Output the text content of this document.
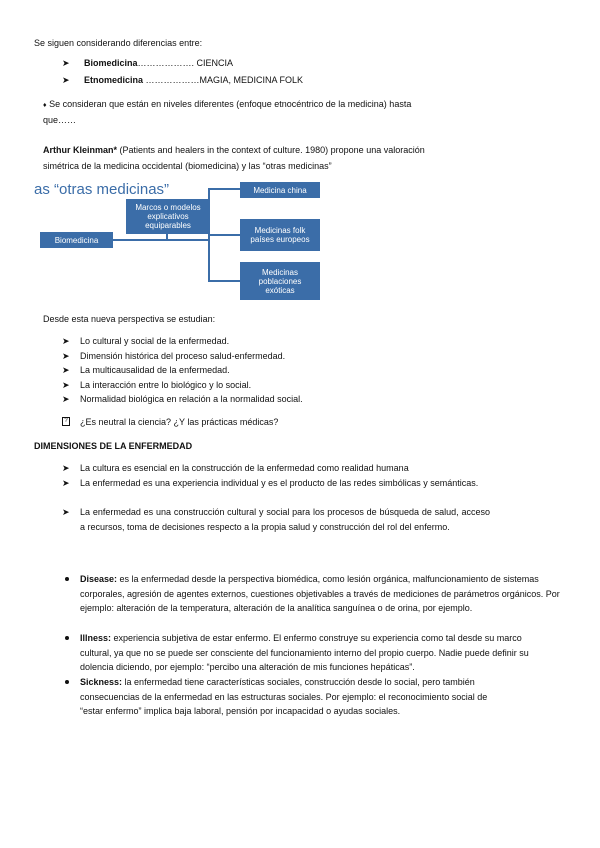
Se siguen considerando diferencias entre:
➤ Biomedicina………………. CIENCIA
➤ Etnomedicina ………………MAGIA, MEDICINA FOLK
♦ Se consideran que están en niveles diferentes (enfoque etnocéntrico de la medicina) hasta
que……
Arthur Kleinman* (Patients and healers in the context of culture. 1980) propone una valoración
simétrica de la medicina occidental (biomedicina) y las “otras medicinas”
as “otras medicinas”
Biomedicina
Marcos o modelos explicativos equiparables
Medicina china
Medicinas folk países europeos
Medicinas poblaciones exóticas
Desde esta nueva perspectiva se estudian:
➤ Lo cultural y social de la enfermedad.
➤ Dimensión histórica del proceso salud-enfermedad.
➤ La multicausalidad de la enfermedad.
➤ La interacción entre lo biológico y lo social.
➤ Normalidad biológica en relación a la normalidad social.
? ¿Es neutral la ciencia? ¿Y las prácticas médicas?
DIMENSIONES DE LA ENFERMEDAD
➤ La cultura es esencial en la construcción de la enfermedad como realidad humana
➤ La enfermedad es una experiencia individual y es el producto de las redes simbólicas y semánticas.
➤ La enfermedad es una construcción cultural y social para los procesos de búsqueda de salud, acceso a recursos, toma de decisiones respecto a la propia salud y construcción del rol del enfermo.
Disease: es la enfermedad desde la perspectiva biomédica, como lesión orgánica, malfuncionamiento de sistemas corporales, agresión de agentes externos, cuestiones objetivables a través de mediciones de parámetros orgánicos. Por ejemplo: alteración de la temperatura, alteración de la analítica sanguínea o de orina, por ejemplo.
Illness: experiencia subjetiva de estar enfermo. El enfermo construye su experiencia como tal desde su marco cultural, ya que no se puede ser consciente del funcionamiento interno del propio cuerpo. Nadie puede definir su dolencia diciendo, por ejemplo: “percibo una alteración de mis funciones hepáticas”.
Sickness: la enfermedad tiene características sociales, construcción desde lo social, pero también consecuencias de la enfermedad en las estructuras sociales. Por ejemplo: el reconocimiento social de “estar enfermo” implica baja laboral, pensión por incapacidad o ayudas sociales.
